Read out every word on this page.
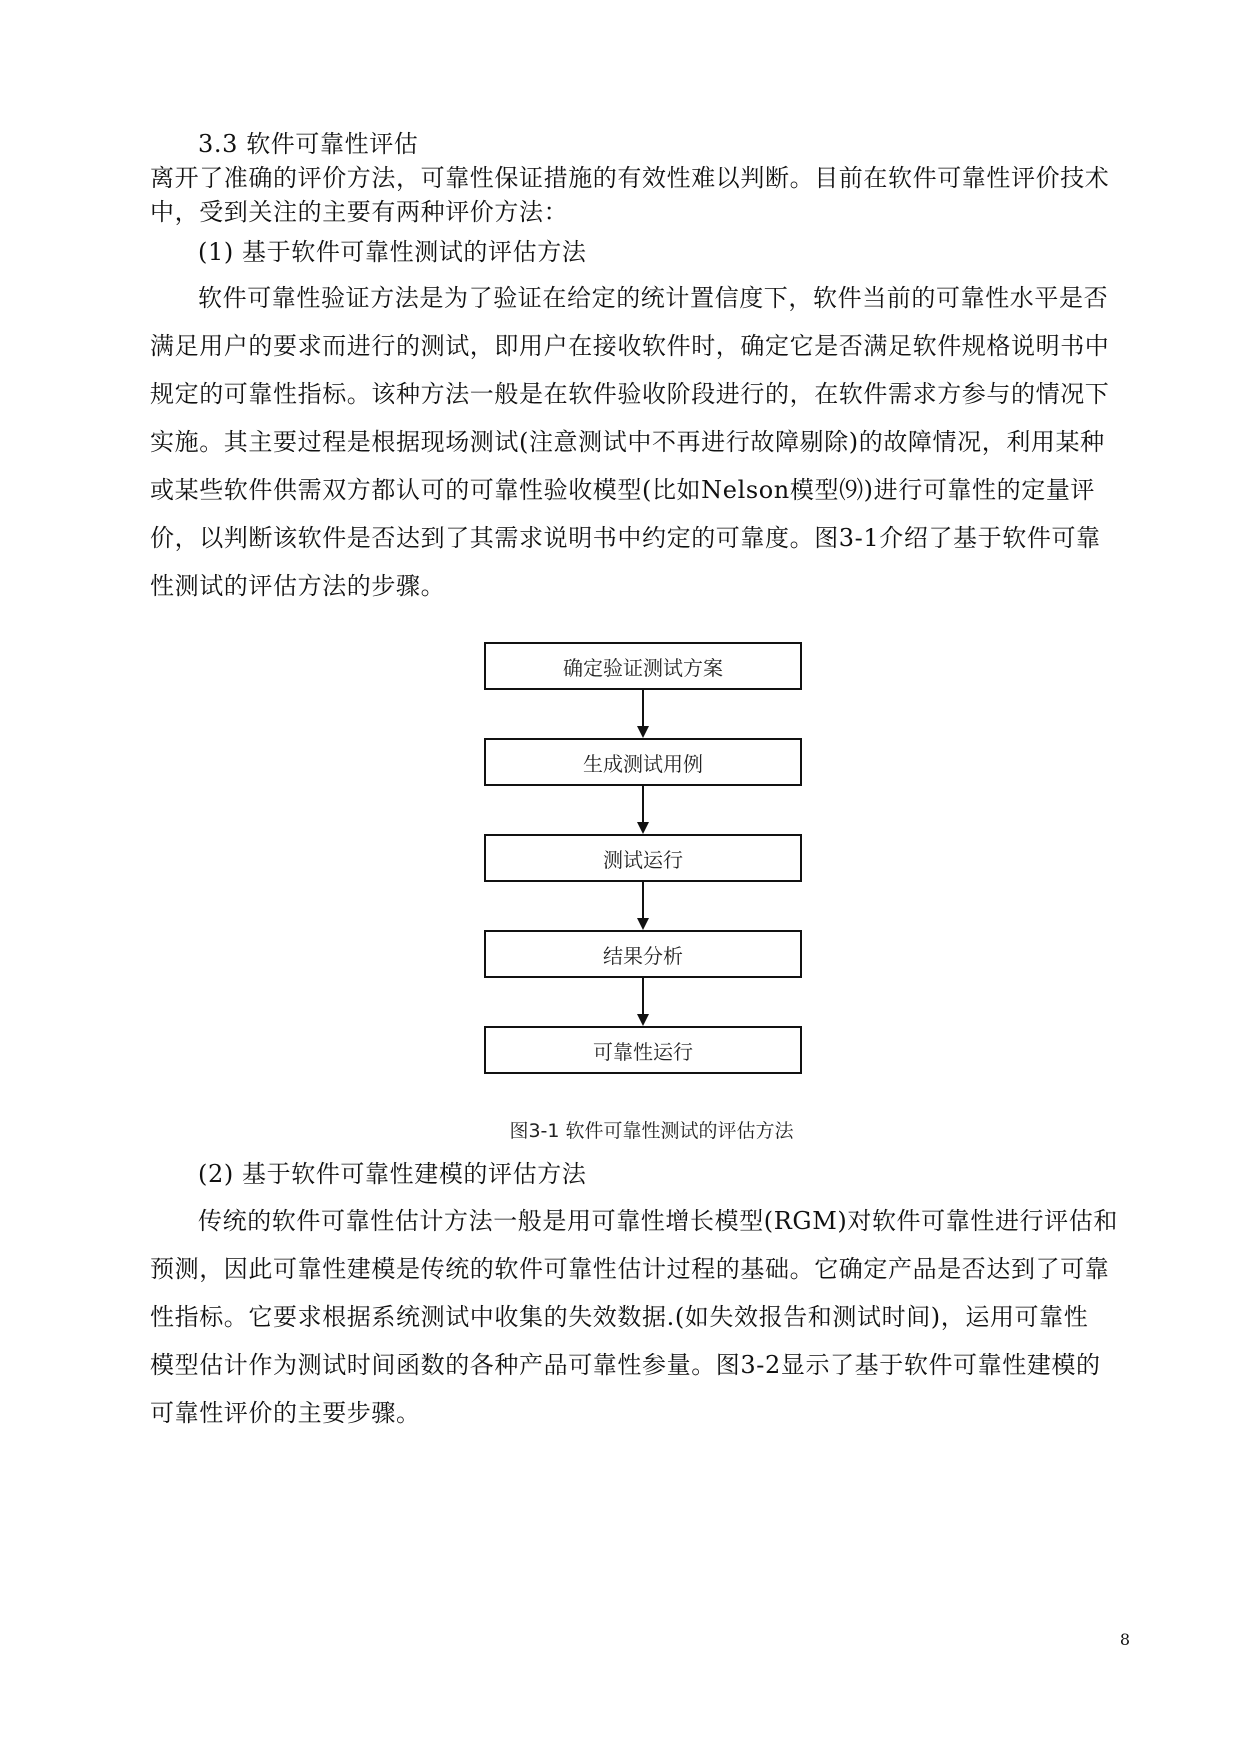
3.3 软件可靠性评估
离开了准确的评价方法，可靠性保证措施的有效性难以判断。目前在软件可靠性评价技术
中，受到关注的主要有两种评价方法：
(1) 基于软件可靠性测试的评估方法
软件可靠性验证方法是为了验证在给定的统计置信度下，软件当前的可靠性水平是否
满足用户的要求而进行的测试，即用户在接收软件时，确定它是否满足软件规格说明书中
规定的可靠性指标。该种方法一般是在软件验收阶段进行的，在软件需求方参与的情况下
实施。其主要过程是根据现场测试(注意测试中不再进行故障剔除)的故障情况，利用某种
或某些软件供需双方都认可的可靠性验收模型(比如Nelson模型⑼)进行可靠性的定量评
价，以判断该软件是否达到了其需求说明书中约定的可靠度。图3-1介绍了基于软件可靠
性测试的评估方法的步骤。
确定验证测试方案
生成测试用例
测试运行
结果分析
可靠性运行
图3-1 软件可靠性测试的评估方法
(2) 基于软件可靠性建模的评估方法
传统的软件可靠性估计方法一般是用可靠性增长模型(RGM)对软件可靠性进行评估和
预测，因此可靠性建模是传统的软件可靠性估计过程的基础。它确定产品是否达到了可靠
性指标。它要求根据系统测试中收集的失效数据.(如失效报告和测试时间)，运用可靠性
模型估计作为测试时间函数的各种产品可靠性参量。图3-2显示了基于软件可靠性建模的
可靠性评价的主要步骤。
8
